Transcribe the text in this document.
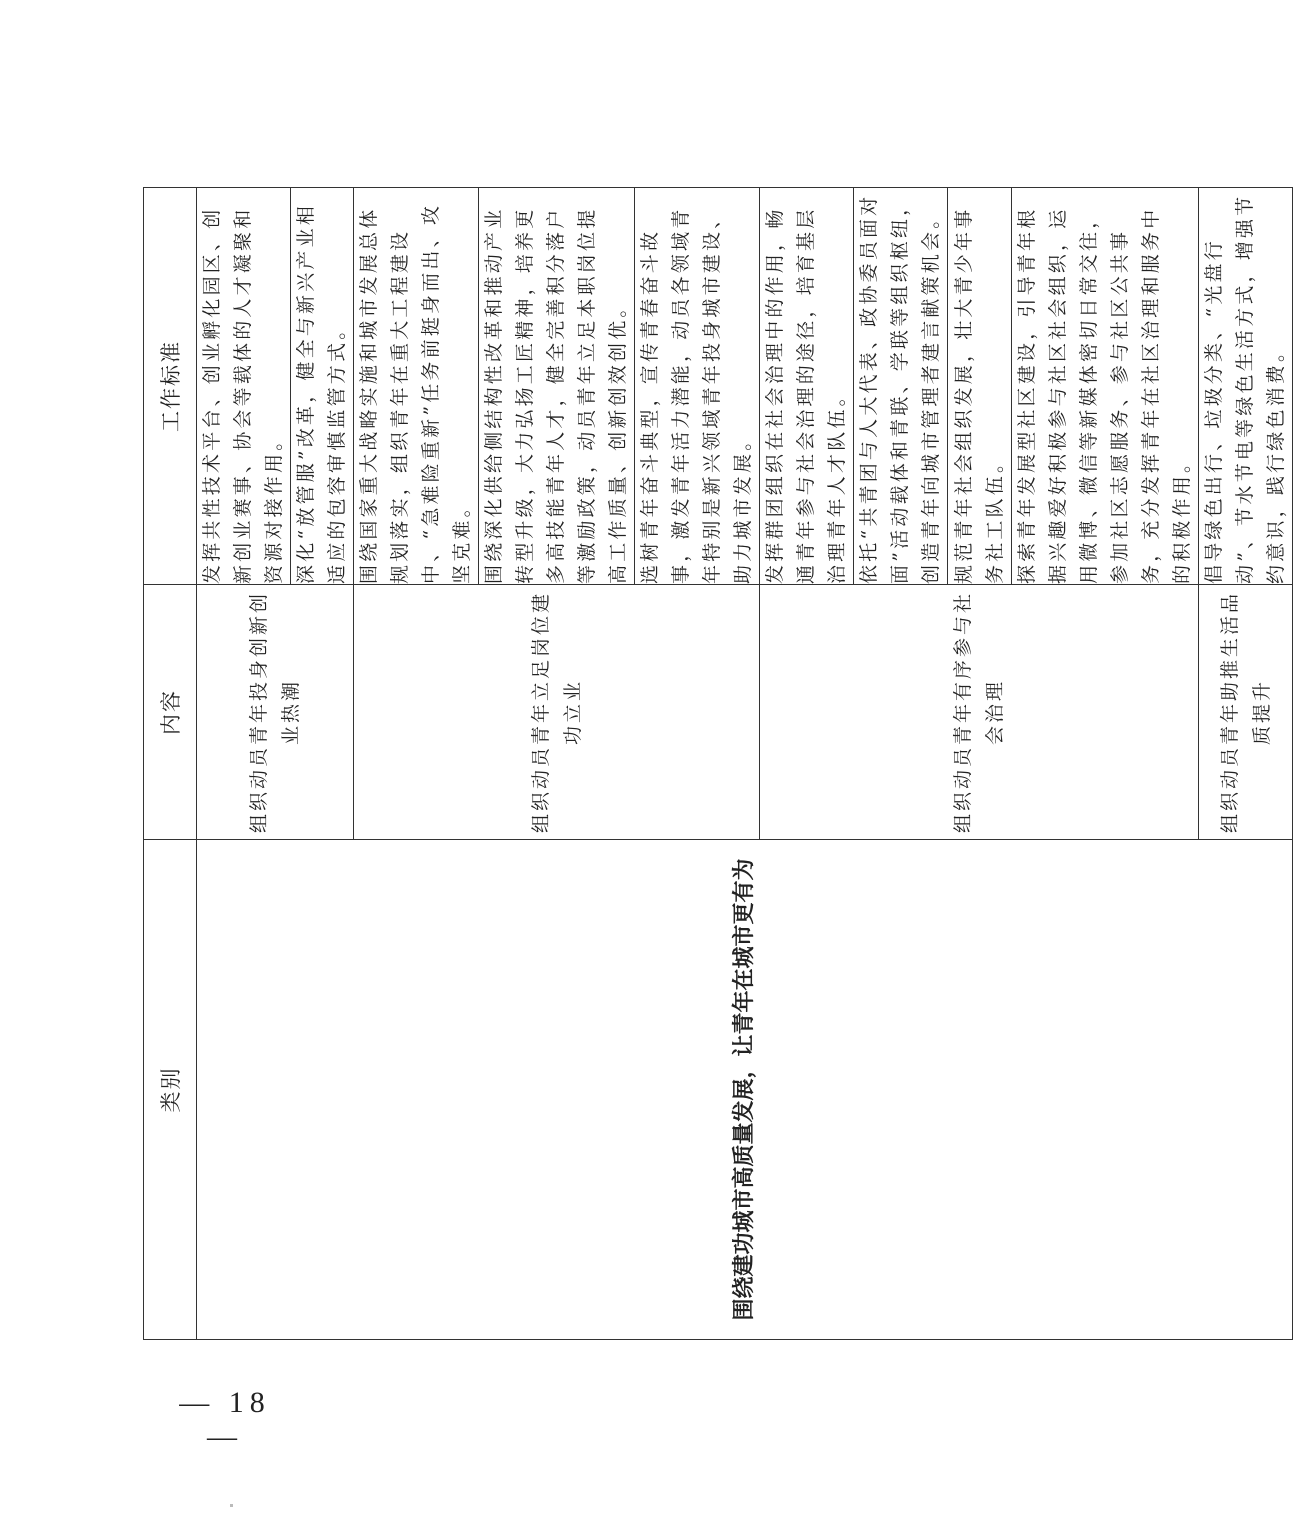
类别	内容	工作标准
围绕建功城市高质量发展，让青年在城市更有为	组织动员青年投身创新创业热潮	发挥共性技术平台、创业孵化园区、创新创业赛事、协会等载体的人才凝聚和资源对接作用。
		深化“放管服”改革，健全与新兴产业相适应的包容审慎监管方式。
	组织动员青年立足岗位建功立业	围绕国家重大战略实施和城市发展总体规划落实，组织青年在重大工程建设中、“急难险重新”任务前挺身而出、攻坚克难。
		围绕深化供给侧结构性改革和推动产业转型升级，大力弘扬工匠精神，培养更多高技能青年人才，健全完善积分落户等激励政策，动员青年立足本职岗位提高工作质量、创新创效创优。
		选树青年奋斗典型，宣传青春奋斗故事，激发青年活力潜能，动员各领域青年特别是新兴领域青年投身城市建设、助力城市发展。
	组织动员青年有序参与社会治理	发挥群团组织在社会治理中的作用，畅通青年参与社会治理的途径，培育基层治理青年人才队伍。
		依托“共青团与人大代表、政协委员面对面”活动载体和青联、学联等组织枢纽，创造青年向城市管理者建言献策机会。
		规范青年社会组织发展，壮大青少年事务社工队伍。
		探索青年发展型社区建设，引导青年根据兴趣爱好积极参与社区社会组织，运用微博、微信等新媒体密切日常交往，参加社区志愿服务、参与社区公共事务，充分发挥青年在社区治理和服务中的积极作用。
	组织动员青年助推生活品质提升	倡导绿色出行、垃圾分类、“光盘行动”、节水节电等绿色生活方式，增强节约意识，践行绿色消费。
— 18 —
